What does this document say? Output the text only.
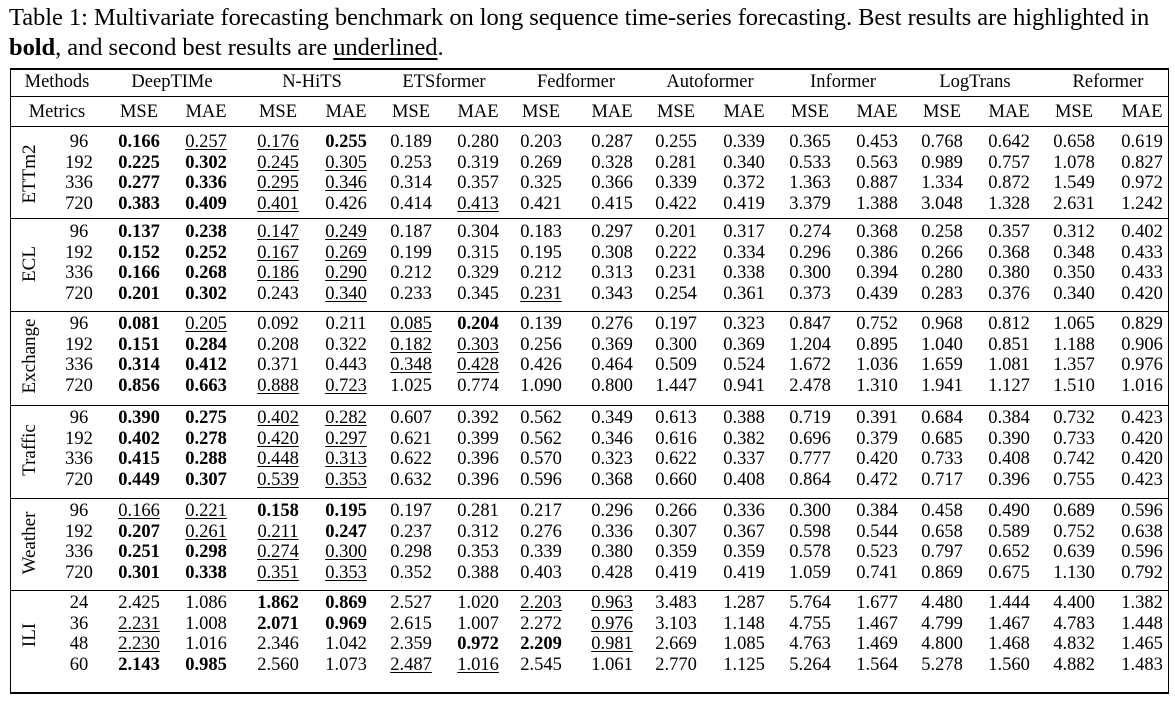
Table 1: Multivariate forecasting benchmark on long sequence time-series forecasting. Best results are highlighted in bold, and second best results are underlined.
Methods
Metrics
DeepTIMe	N-HiTS	ETSformer	Fedformer	Autoformer	Informer	LogTrans	Reformer
MSE	MAE	MSE	MAE	MSE	MAE	MSE	MAE	MSE	MAE	MSE	MAE	MSE	MAE	MSE	MAE
ETTm2
96	0.166	0.257	0.176	0.255	0.189	0.280	0.203	0.287	0.255	0.339	0.365	0.453	0.768	0.642	0.658	0.619
192	0.225	0.302	0.245	0.305	0.253	0.319	0.269	0.328	0.281	0.340	0.533	0.563	0.989	0.757	1.078	0.827
336	0.277	0.336	0.295	0.346	0.314	0.357	0.325	0.366	0.339	0.372	1.363	0.887	1.334	0.872	1.549	0.972
720	0.383	0.409	0.401	0.426	0.414	0.413	0.421	0.415	0.422	0.419	3.379	1.388	3.048	1.328	2.631	1.242
ECL
96	0.137	0.238	0.147	0.249	0.187	0.304	0.183	0.297	0.201	0.317	0.274	0.368	0.258	0.357	0.312	0.402
192	0.152	0.252	0.167	0.269	0.199	0.315	0.195	0.308	0.222	0.334	0.296	0.386	0.266	0.368	0.348	0.433
336	0.166	0.268	0.186	0.290	0.212	0.329	0.212	0.313	0.231	0.338	0.300	0.394	0.280	0.380	0.350	0.433
720	0.201	0.302	0.243	0.340	0.233	0.345	0.231	0.343	0.254	0.361	0.373	0.439	0.283	0.376	0.340	0.420
Exchange	96	0.081	0.205	0.092	0.211	0.085	0.204	0.139	0.276	0.197	0.323	0.847	0.752	0.968	0.812	1.065	0.829
192	0.151	0.284	0.208	0.322	0.182	0.303	0.256	0.369	0.300	0.369	1.204	0.895	1.040	0.851	1.188	0.906
336	0.314	0.412	0.371	0.443	0.348	0.428	0.426	0.464	0.509	0.524	1.672	1.036	1.659	1.081	1.357	0.976
720	0.856	0.663	0.888	0.723	1.025	0.774	1.090	0.800	1.447	0.941	2.478	1.310	1.941	1.127	1.510	1.016
Traffic
96	0.390	0.275	0.402	0.282	0.607	0.392	0.562	0.349	0.613	0.388	0.719	0.391	0.684	0.384	0.732	0.423
192	0.402	0.278	0.420	0.297	0.621	0.399	0.562	0.346	0.616	0.382	0.696	0.379	0.685	0.390	0.733	0.420
336	0.415	0.288	0.448	0.313	0.622	0.396	0.570	0.323	0.622	0.337	0.777	0.420	0.733	0.408	0.742	0.420
720	0.449	0.307	0.539	0.353	0.632	0.396	0.596	0.368	0.660	0.408	0.864	0.472	0.717	0.396	0.755	0.423
Weather
96	0.166	0.221	0.158	0.195	0.197	0.281	0.217	0.296	0.266	0.336	0.300	0.384	0.458	0.490	0.689	0.596
192	0.207	0.261	0.211	0.247	0.237	0.312	0.276	0.336	0.307	0.367	0.598	0.544	0.658	0.589	0.752	0.638
336	0.251	0.298	0.274	0.300	0.298	0.353	0.339	0.380	0.359	0.359	0.578	0.523	0.797	0.652	0.639	0.596
720	0.301	0.338	0.351	0.353	0.352	0.388	0.403	0.428	0.419	0.419	1.059	0.741	0.869	0.675	1.130	0.792
ILI
24	2.425	1.086	1.862	0.869	2.527	1.020	2.203	0.963	3.483	1.287	5.764	1.677	4.480	1.444	4.400	1.382
36	2.231	1.008	2.071	0.969	2.615	1.007	2.272	0.976	3.103	1.148	4.755	1.467	4.799	1.467	4.783	1.448
48	2.230	1.016	2.346	1.042	2.359	0.972	2.209	0.981	2.669	1.085	4.763	1.469	4.800	1.468	4.832	1.465
60	2.143	0.985	2.560	1.073	2.487	1.016	2.545	1.061	2.770	1.125	5.264	1.564	5.278	1.560	4.882	1.483
